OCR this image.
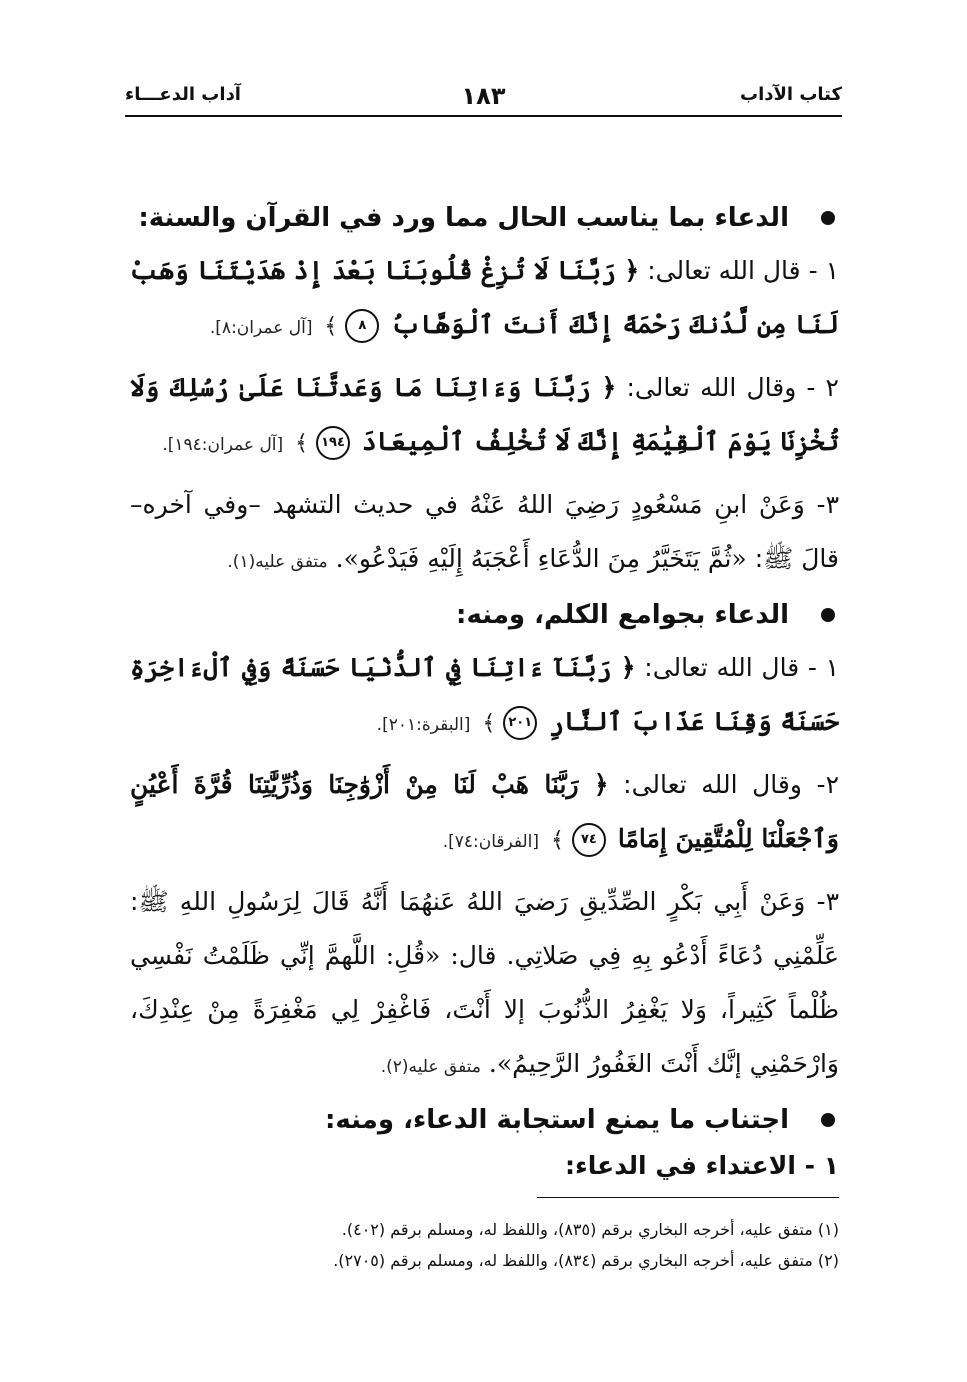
كتاب الآداب
١٨٣
آداب الدعـــاء
الدعاء بما يناسب الحال مما ورد في القرآن والسنة:
١ - قال الله تعالى: ﴿ رَبَّنَا لَا تُزِغْ قُلُوبَنَا بَعْدَ إِذْ هَدَيْتَنَا وَهَبْ لَنَا مِن لَّدُنكَ رَحْمَةً إِنَّكَ أَنتَ ٱلْوَهَّابُ ٨﴾ [آل عمران:٨].
٢ - وقال الله تعالى: ﴿ رَبَّنَا وَءَاتِنَا مَا وَعَدتَّنَا عَلَىٰ رُسُلِكَ وَلَا تُخْزِنَا يَوْمَ ٱلْقِيَٰمَةِ إِنَّكَ لَا تُخْلِفُ ٱلْمِيعَادَ ١٩٤﴾ [آل عمران:١٩٤].
٣- وَعَنْ ابنِ مَسْعُودٍ رَضِيَ اللهُ عَنْهُ في حديث التشهد –وفي آخره– قالَ ﷺ: «ثُمَّ يَتَخَيَّرُ مِنَ الدُّعَاءِ أَعْجَبَهُ إِلَيْهِ فَيَدْعُو». متفق عليه(١).
الدعاء بجوامع الكلم، ومنه:
١ - قال الله تعالى: ﴿ رَبَّنَآ ءَاتِنَا فِي ٱلدُّنْيَا حَسَنَةً وَفِي ٱلْءَاخِرَةِ حَسَنَةً وَقِنَا عَذَابَ ٱلنَّارِ ٢٠١﴾ [البقرة:٢٠١].
٢- وقال الله تعالى: ﴿ رَبَّنَا هَبْ لَنَا مِنْ أَزْوَٰجِنَا وَذُرِّيَّٰتِنَا قُرَّةَ أَعْيُنٍ وَٱجْعَلْنَا لِلْمُتَّقِينَ إِمَامًا ٧٤﴾ [الفرقان:٧٤].
٣- وَعَنْ أَبِي بَكْرٍ الصِّدِّيقِ رَضيَ اللهُ عَنهُمَا أَنَّهُ قَالَ لِرَسُولِ اللهِ ﷺ: عَلِّمْنِي دُعَاءً أَدْعُو بِهِ فِي صَلاتِي. قال: «قُلِ: اللَّهمَّ إنِّي ظَلَمْتُ نَفْسِي ظُلْماً كَثِيراً، وَلا يَغْفِرُ الذُّنُوبَ إلا أَنْتَ، فَاغْفِرْ لِي مَغْفِرَةً مِنْ عِنْدِكَ، وَارْحَمْنِي إنَّك أَنْتَ الغَفُورُ الرَّحِيمُ». متفق عليه(٢).
اجتناب ما يمنع استجابة الدعاء، ومنه:
١ - الاعتداء في الدعاء:
(١) متفق عليه، أخرجه البخاري برقم (٨٣٥)، واللفظ له، ومسلم برقم (٤٠٢).
(٢) متفق عليه، أخرجه البخاري برقم (٨٣٤)، واللفظ له، ومسلم برقم (٢٧٠٥).
